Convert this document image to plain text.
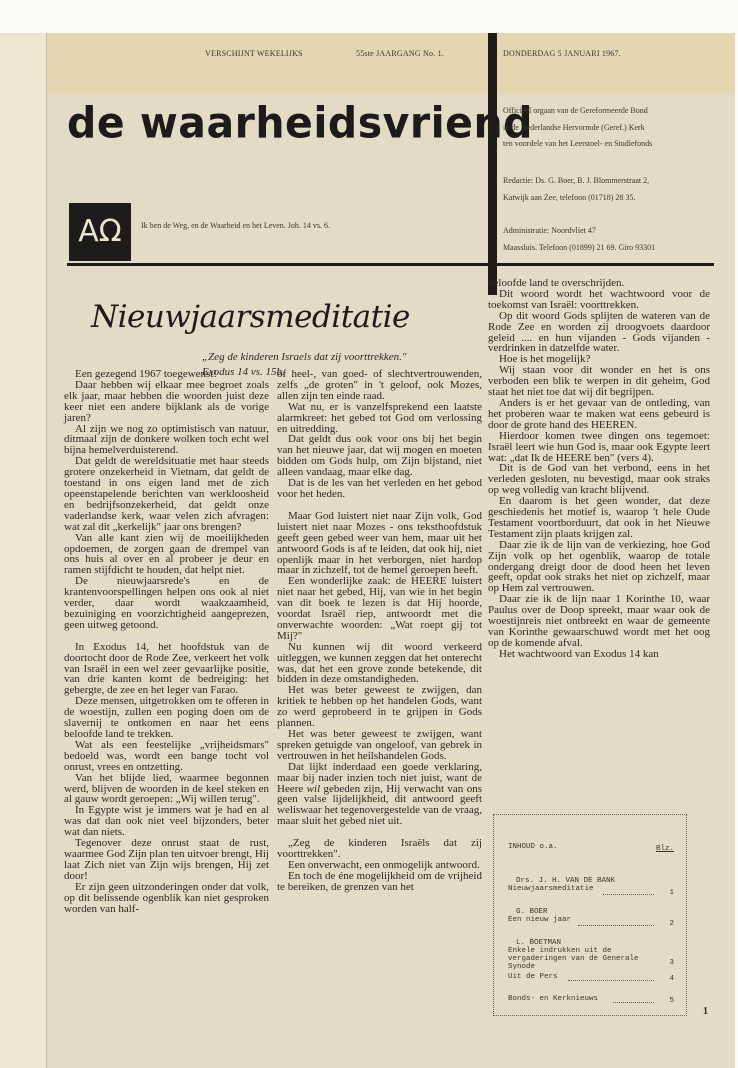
VERSCHIJNT WEKELIJKS	55ste JAARGANG No. 1.	DONDERDAG 5 JANUARI 1967.
de waarheidsvriend
Officieel orgaan van de Gereformeerde Bond
in de Nederlandse Hervormde (Geref.) Kerk
ten voordele van het Leerstoel- en Studiefonds
Redactie: Ds. G. Boer, B. J. Blommerstraat 2,
Katwijk aan Zee, telefoon (01718) 28 35.
Administratie: Noordvliet 47
Maassluis. Telefoon (01899) 21 69. Giro 93301
AΩ	Ik ben de Weg, en de Waarheid en het Leven. Joh. 14 vs. 6.
Nieuwjaarsmeditatie
„Zeg de kinderen Israels dat zij voorttrekken."
Exodus 14 vs. 15b.

Een gezegend 1967 toegewenst!

Daar hebben wij elkaar mee begroet zoals elk jaar, maar hebben die woorden juist deze keer niet een andere bijklank als de vorige jaren?

Al zijn we nog zo optimistisch van natuur, ditmaal zijn de donkere wolken toch echt wel bijna hemelverduisterend.

Dat geldt de wereldsituatie met haar steeds grotere onzekerheid in Vietnam, dat geldt de toestand in ons eigen land met de zich opeenstapelende berichten van werkloosheid en bedrijfsonzekerheid, dat geldt onze vaderlandse kerk, waar velen zich afvragen: wat zal dit „kerkelijk" jaar ons brengen?

Van alle kant zien wij de moeilijkheden opdoemen, de zorgen gaan de drempel van ons huis al over en al probeer je deur en ramen stijfdicht te houden, dat helpt niet.

De nieuwjaarsrede's en de krantenvoorspellingen helpen ons ook al niet verder, daar wordt waakzaamheid, bezuiniging en voorzichtigheid aangeprezen, geen uitweg getoond.

In Exodus 14, het hoofdstuk van de doortocht door de Rode Zee, verkeert het volk van Israël in een wel zeer gevaarlijke positie, van drie kanten komt de bedreiging: het gebergte, de zee en het leger van Farao.

Deze mensen, uitgetrokken om te offeren in de woestijn, zullen een poging doen om de slavernij te ontkomen en naar het eens beloofde land te trekken.

Wat als een feestelijke „vrijheidsmars" bedoeld was, wordt een bange tocht vol onrust, vrees en ontzetting.

Van het blijde lied, waarmee begonnen werd, blijven de woorden in de keel steken en al gauw wordt geroepen: „Wij willen terug".

In Egypte wist je immers wat je had en al was dat dan ook niet veel bijzonders, beter wat dan niets.

Tegenover deze onrust staat de rust, waarmee God Zijn plan ten uitvoer brengt, Hij laat Zich niet van Zijn wijs brengen, Hij zet door!

Er zijn geen uitzonderingen onder dat volk, op dit belissende ogenblik kan niet gesproken worden van half-

of heel-, van goed- of slechtvertrouwenden, zelfs „de groten" in 't geloof, ook Mozes, allen zijn ten einde raad.

Wat nu, er is vanzelfsprekend een laatste alarmkreet: het gebed tot God om verlossing en uitredding.

Dat geldt dus ook voor ons bij het begin van het nieuwe jaar, dat wij mogen en moeten bidden om Gods hulp, om Zijn bijstand, niet alleen vandaag, maar elke dag.

Dat is de les van het verleden en het gebod voor het heden.

Maar God luistert niet naar Zijn volk, God luistert niet naar Mozes - ons teksthoofdstuk geeft geen gebed weer van hem, maar uit het antwoord Gods is af te leiden, dat ook hij, niet openlijk maar in het verborgen, niet hardop maar in zichzelf, tot de hemel geroepen heeft.

Een wonderlijke zaak: de HEERE luistert niet naar het gebed, Hij, van wie in het begin van dit boek te lezen is dat Hij hoorde, voordat Israël riep, antwoordt met die onverwachte woorden: „Wat roept gij tot Mij?"

Nu kunnen wij dit woord verkeerd uitleggen, we kunnen zeggen dat het onterecht was, dat het een grove zonde betekende, dit bidden in deze omstandigheden.

Het was beter geweest te zwijgen, dan kritiek te hebben op het handelen Gods, want zo werd geprobeerd in te grijpen in Gods plannen.

Het was beter geweest te zwijgen, want spreken getuigde van ongeloof, van gebrek in vertrouwen in het heilshandelen Gods.

Dat lijkt inderdaad een goede verklaring, maar bij nader inzien toch niet juist, want de Heere wil gebeden zijn, Hij verwacht van ons geen valse lijdelijkheid, dit antwoord geeft weliswaar het tegenovergestelde van de vraag, maar sluit het gebed niet uit.

„Zeg de kinderen Israëls dat zij voorttrekken".

Een onverwacht, een onmogelijk antwoord.

En toch de éne mogelijkheid om de vrijheid te bereiken, de grenzen van het

beloofde land te overschrijden.

Dit woord wordt het wachtwoord voor de toekomst van Israël: voorttrekken.

Op dit woord Gods splijten de wateren van de Rode Zee en worden zij droogvoets daardoor geleid .... en hun vijanden - Gods vijanden - verdrinken in datzelfde water.

Hoe is het mogelijk?

Wij staan voor dit wonder en het is ons verboden een blik te werpen in dit geheim, God staat het niet toe dat wij dit begrijpen.

Anders is er het gevaar van de ontleding, van het proberen waar te maken wat eens gebeurd is door de grote hand des HEEREN.

Hierdoor komen twee dingen ons tegemoet: Israël leert wie hun God is, maar ook Egypte leert wat: „dat Ik de HEERE ben" (vers 4).

Dit is de God van het verbond, eens in het verleden gesloten, nu bevestigd, maar ook straks op weg volledig van kracht blijvend.

En daarom is het geen wonder, dat deze geschiedenis het motief is, waarop 't hele Oude Testament voortborduurt, dat ook in het Nieuwe Testament zijn plaats krijgen zal.

Daar zie ik de lijn van de verkiezing, hoe God Zijn volk op het ogenblik, waarop de totale ondergang dreigt door de dood heen het leven geeft, opdat ook straks het niet op zichzelf, maar op Hem zal vertrouwen.

Daar zie ik de lijn naar 1 Korinthe 10, waar Paulus over de Doop spreekt, maar waar ook de woestijnreis niet ontbreekt en waar de gemeente van Korinthe gewaarschuwd wordt met het oog op de komende afval.

Het wachtwoord van Exodus 14 kan

INHOUD o.a.	Blz.
Drs. J. H. VAN DE BANK
Nieuwjaarsmeditatie	1
G. BOER
Een nieuw jaar	2
L. BOETMAN
Enkele indrukken uit de vergaderingen van de Generale Synode	3
Uit de Pers	4
Bonds- en Kerknieuws	5
1
